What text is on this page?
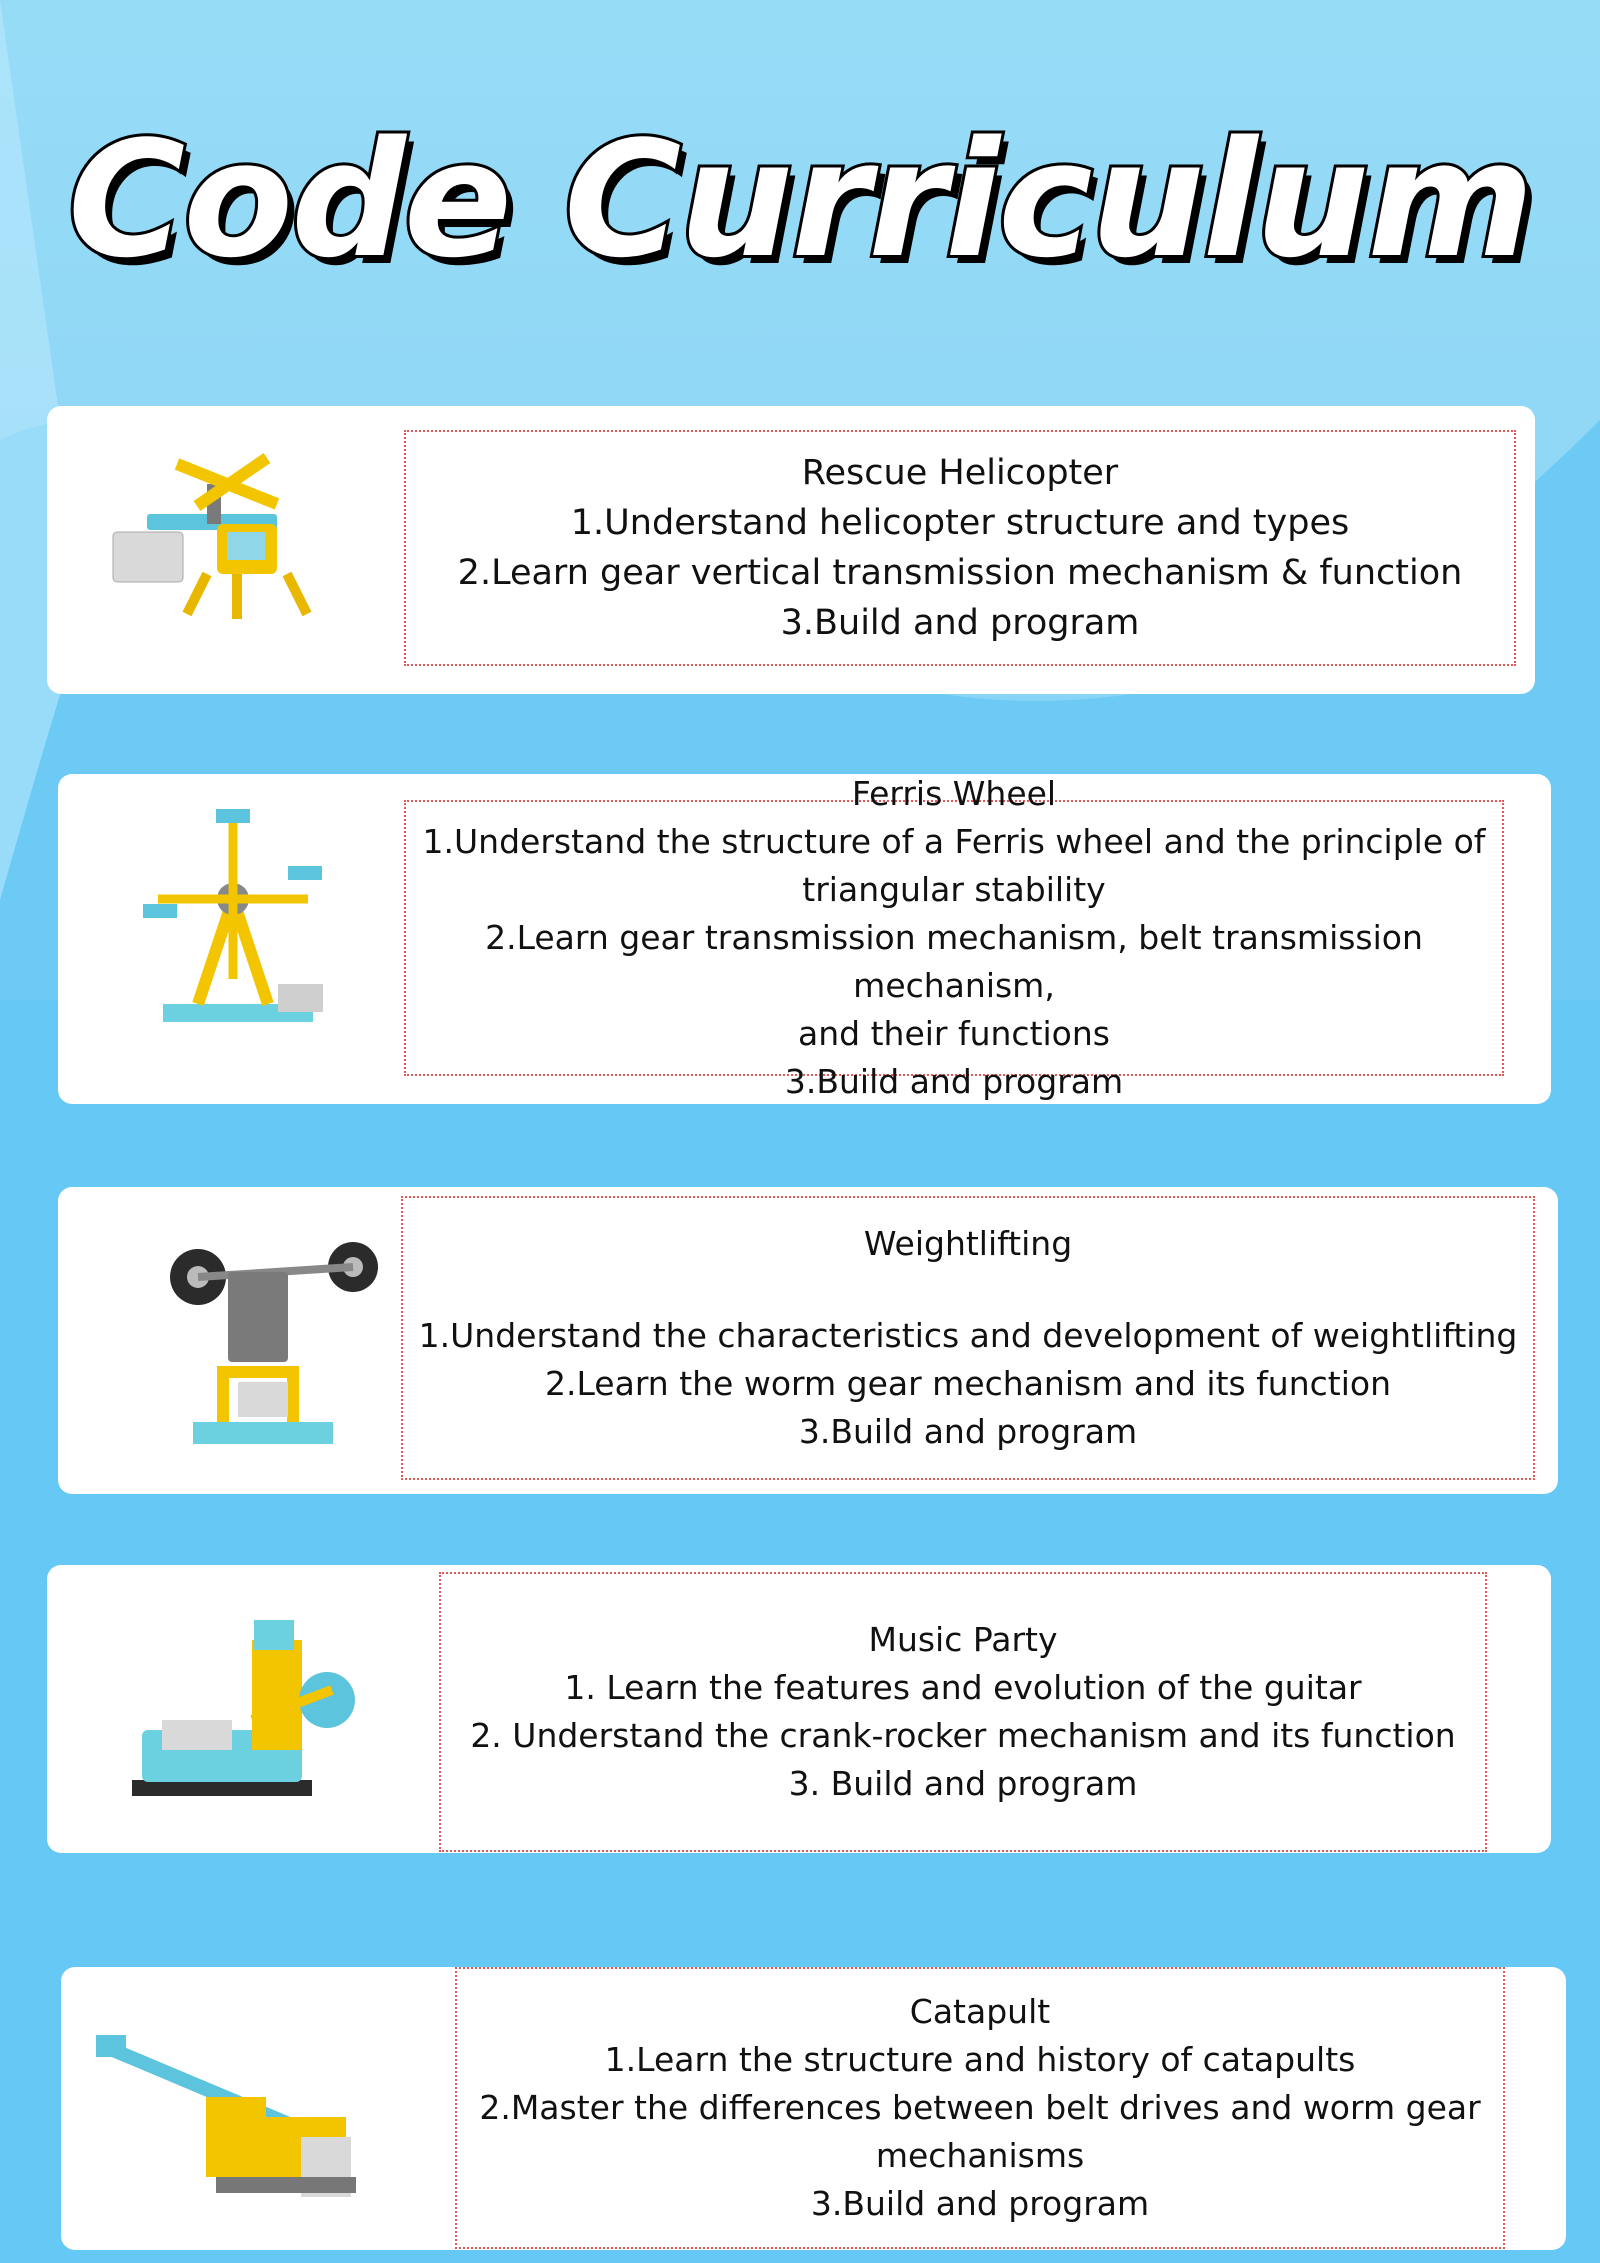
Code Curriculum

Rescue Helicopter

1.Understand helicopter structure and types

2.Learn gear vertical transmission mechanism & function

3.Build and program

Ferris Wheel

1.Understand the structure of a Ferris wheel and the principle of

triangular stability

2.Learn gear transmission mechanism, belt transmission mechanism,

and their functions

3.Build and program

Weightlifting

1.Understand the characteristics and development of weightlifting

2.Learn the worm gear mechanism and its function

3.Build and program

Music Party

1. Learn the features and evolution of the guitar

2. Understand the crank-rocker mechanism and its function

3. Build and program

Catapult

1.Learn the structure and history of catapults

2.Master the differences between belt drives and worm gear

mechanisms

3.Build and program
